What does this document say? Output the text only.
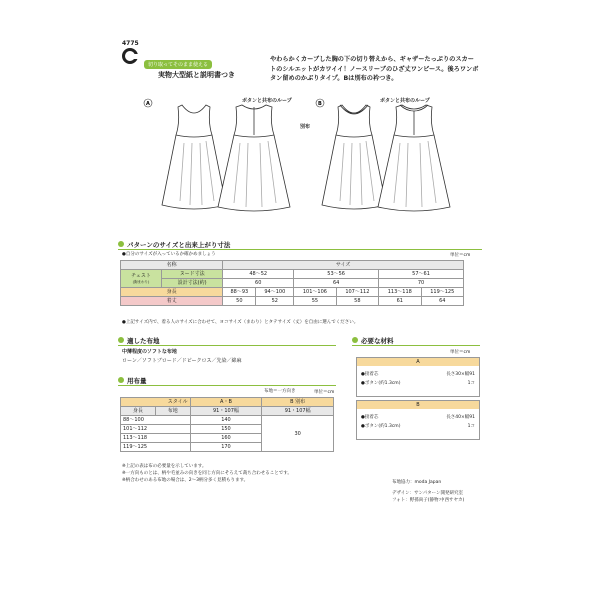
4775
切り取ってそのまま使える
実物大型紙と説明書つき
やわらかくカーブした胸の下の切り替えから、ギャザーたっぷりのスカートのシルエットがカワイイ！ノースリーブのひざ丈ワンピース。後ろワンボタン留めのかぶりタイプ。Bは別布の衿つき。
A	B
ボタンと共布のループ	ボタンと共布のループ
別布
パターンのサイズと出来上がり寸法
単位＝cm
●自分のサイズが入っているか確かめましょう
名称		サイズ					
チェスト
(胸まわり)	ヌード寸法	48〜52		53〜56		57〜61	
	設計寸法(約)	60		64		70	
身長		88〜93	94〜100	101〜106	107〜112	113〜118	119〜125
着丈		50	52	55	58	61	64
●上記サイズ内で、着る人のサイズに合わせて、ヨコサイズ（まわり）とタテサイズ（丈）を自由に選んでください。
適した布地
中薄程度のソフトな布地
ローン／ソフトブロード／ドビークロス／先染／綿麻
用布量
布地＝一方向き	単位＝cm
スタイル		A・B	B 別布
身長	布地	91・107幅	91・107幅
88〜100		140	30
101〜112		150	
113〜118		160	
119〜125		170	
※上記の表は布の必要量を示しています。
※一方向ものとは、柄や毛並みの向きを同じ方向にそろえて裁ち合わせることです。
※柄合わせのある布地の場合は、2〜3柄分多く見積もります。
必要な材料
単位＝cm
A
●接着芯	長さ30×幅91
●ボタン(約1.3cm)	1コ
B
●接着芯	長さ40×幅91
●ボタン(約1.3cm)	1コ
布地協力：moda Japan
デザイン：サンパターン開発研究室
フォト：野孫尚子(静物:中西サヤカ)
